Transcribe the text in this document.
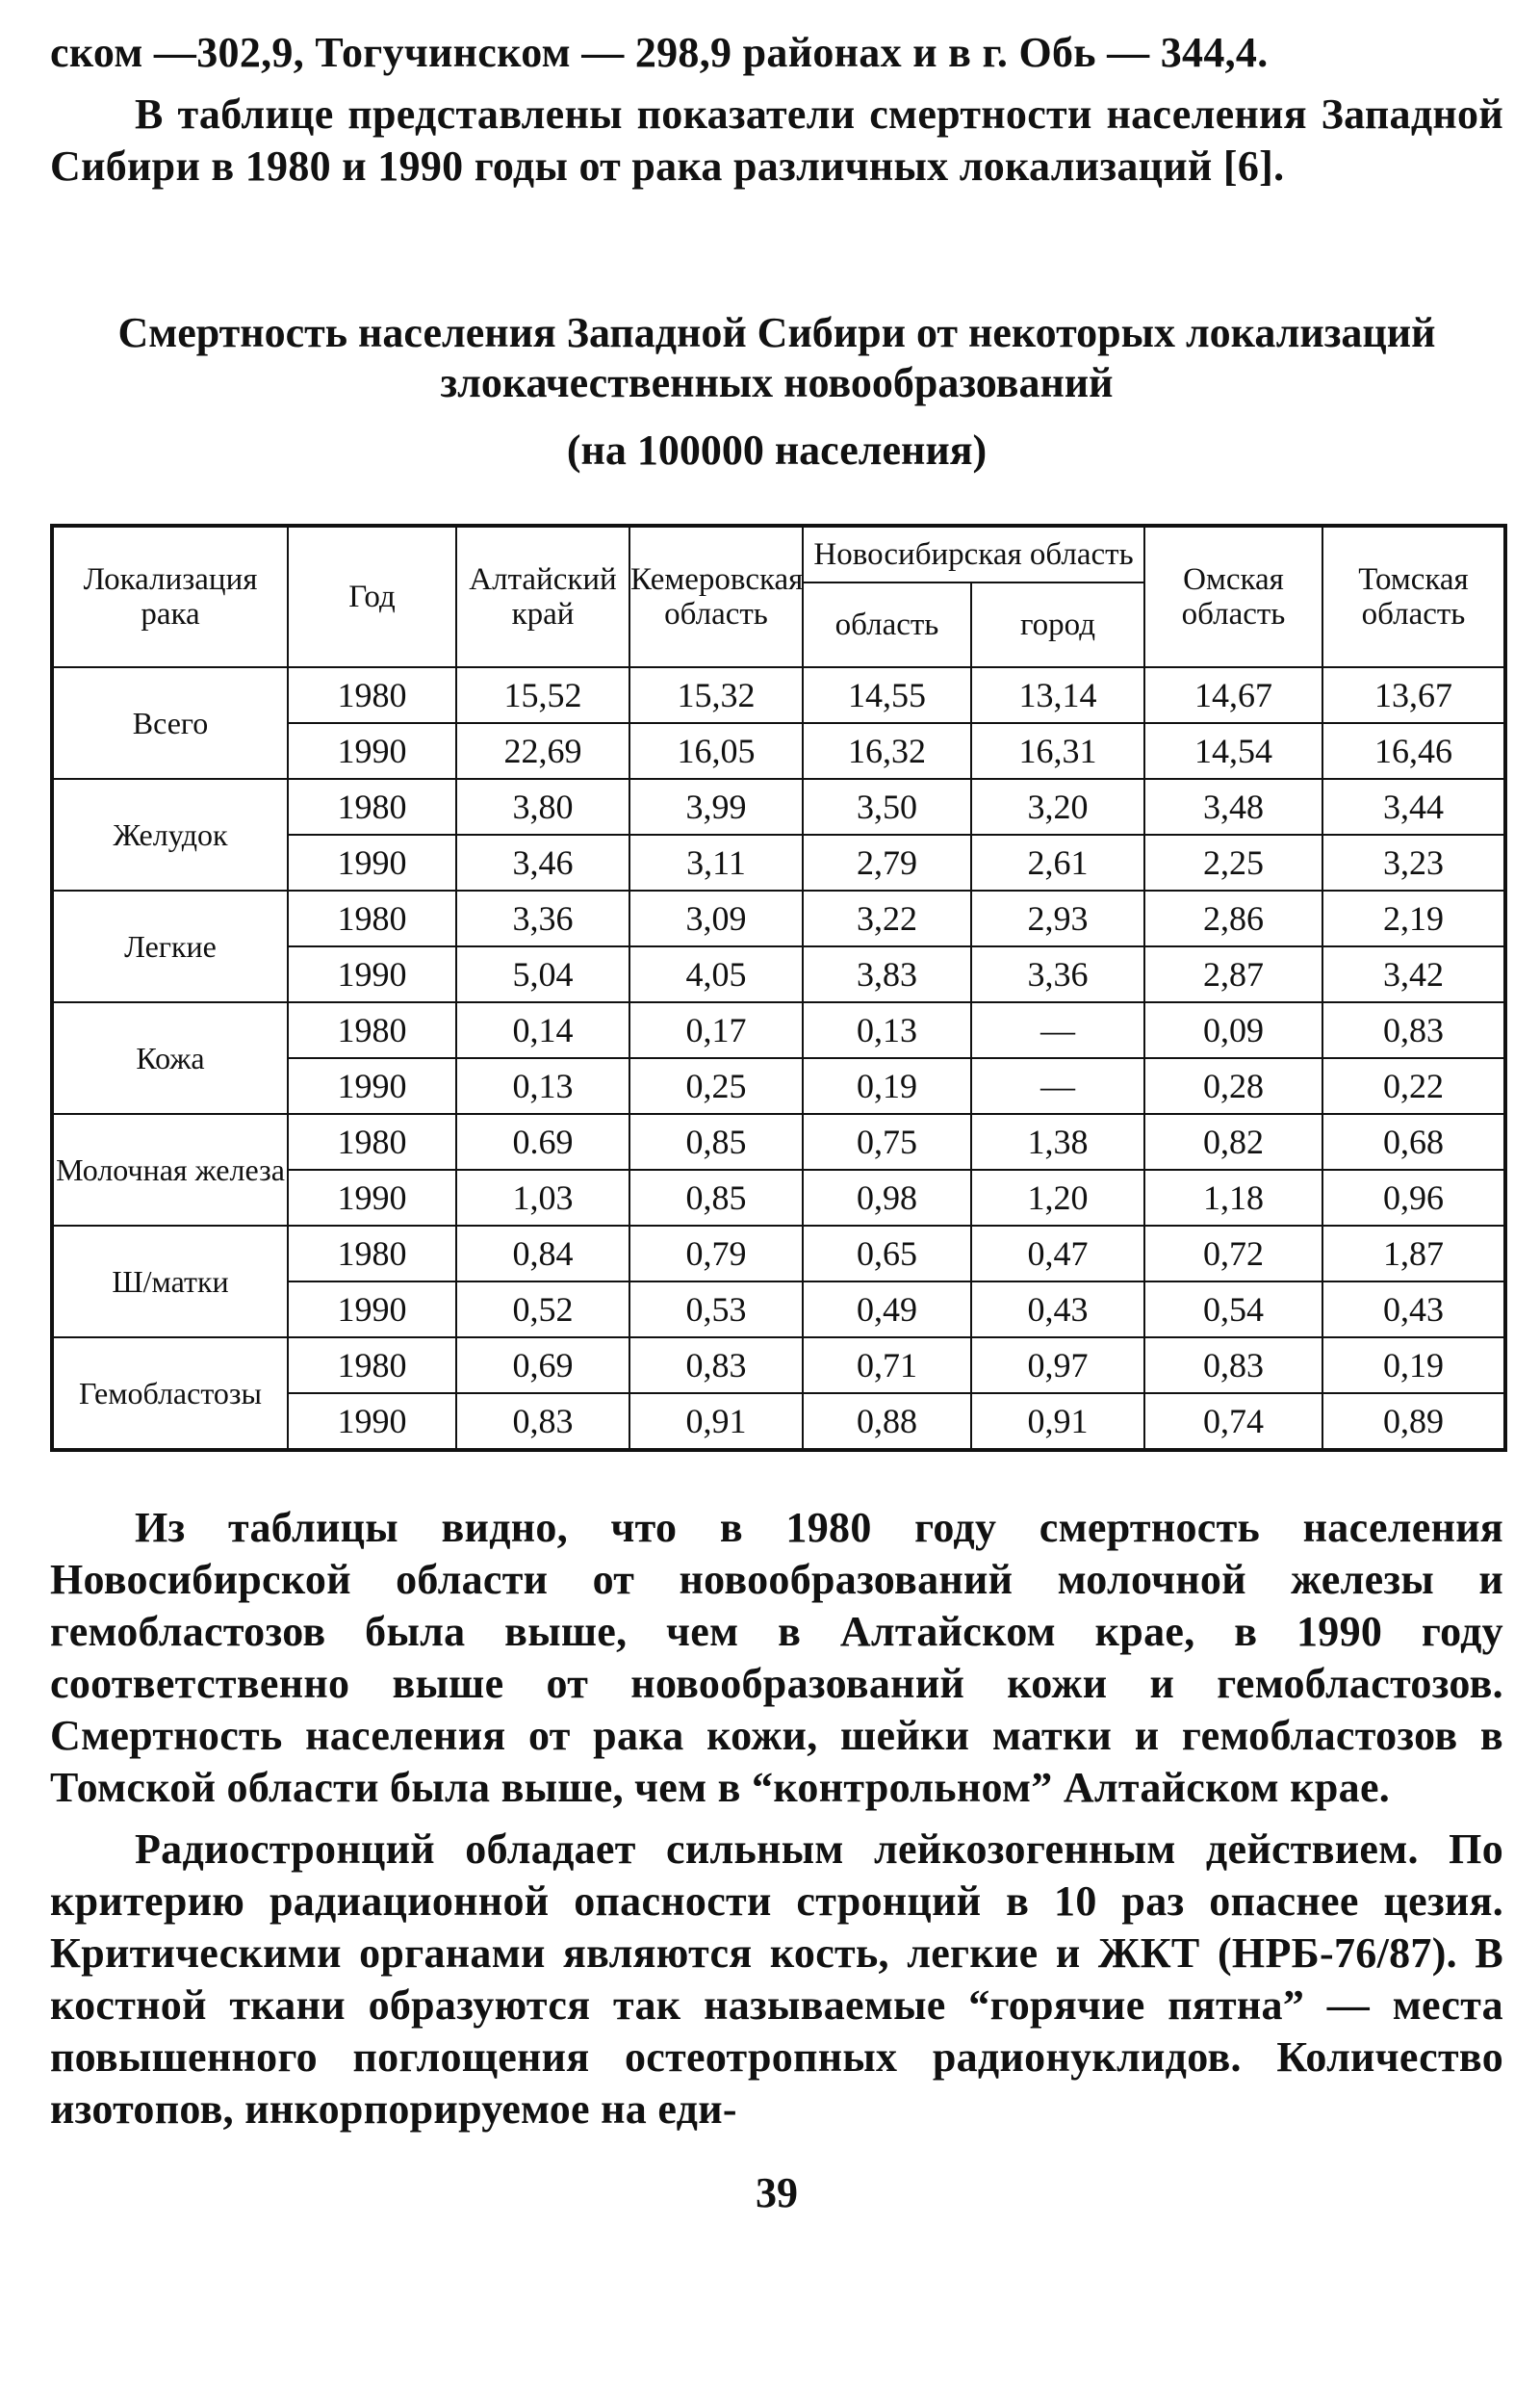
ском —302,9, Тогучинском — 298,9 районах и в г. Обь — 344,4.

В таблице представлены показатели смертности населения Западной Сибири в 1980 и 1990 годы от рака различных локализаций [6].

Смертность населения Западной Сибири от некоторых локализаций злокачественных новообразований
(на 100000 населения)
Локализация рака	Год	Алтайский край	Кемеровская область	Новосибирская область		Омская область	Томская область
				область	город		
Всего	1980	15,52	15,32	14,55	13,14	14,67	13,67
	1990	22,69	16,05	16,32	16,31	14,54	16,46
Желудок	1980	3,80	3,99	3,50	3,20	3,48	3,44
	1990	3,46	3,11	2,79	2,61	2,25	3,23
Легкие	1980	3,36	3,09	3,22	2,93	2,86	2,19
	1990	5,04	4,05	3,83	3,36	2,87	3,42
Кожа	1980	0,14	0,17	0,13	—	0,09	0,83
	1990	0,13	0,25	0,19	—	0,28	0,22
Молочная железа	1980	0.69	0,85	0,75	1,38	0,82	0,68
	1990	1,03	0,85	0,98	1,20	1,18	0,96
Ш/матки	1980	0,84	0,79	0,65	0,47	0,72	1,87
	1990	0,52	0,53	0,49	0,43	0,54	0,43
Гемобластозы	1980	0,69	0,83	0,71	0,97	0,83	0,19
	1990	0,83	0,91	0,88	0,91	0,74	0,89

Из таблицы видно, что в 1980 году смертность населения Новосибирской области от новообразований молочной железы и гемобластозов была выше, чем в Алтайском крае, в 1990 году соответственно выше от новообразований кожи и гемобластозов. Смертность населения от рака кожи, шейки матки и гемобластозов в Томской области была выше, чем в “контрольном” Алтайском крае.

Радиостронций обладает сильным лейкозогенным действием. По критерию радиационной опасности стронций в 10 раз опаснее цезия. Критическими органами являются кость, легкие и ЖКТ (НРБ-76/87). В костной ткани образуются так называемые “горячие пятна” — места повышенного поглощения остеотропных радионуклидов. Количество изотопов, инкорпорируемое на еди-

39
